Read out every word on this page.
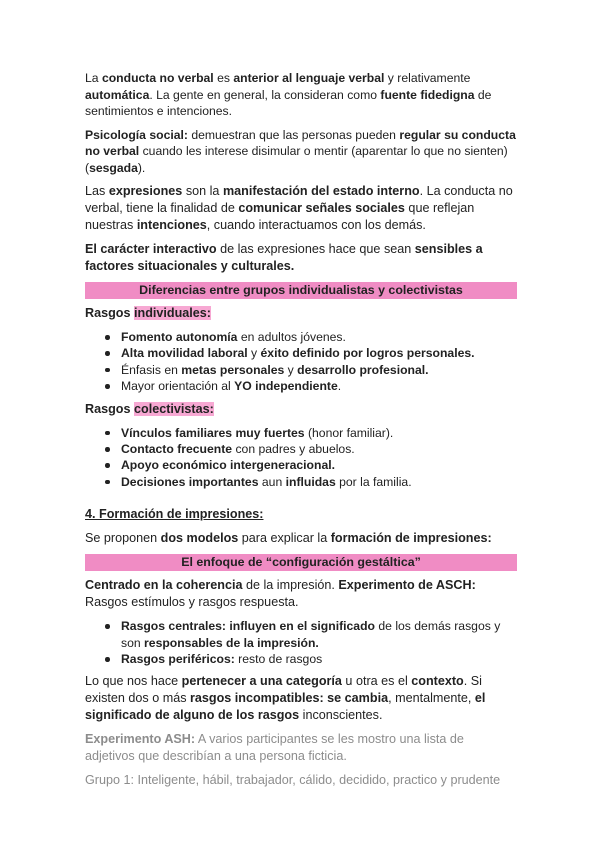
La conducta no verbal es anterior al lenguaje verbal y relativamente automática. La gente en general, la consideran como fuente fidedigna de sentimientos e intenciones.

Psicología social: demuestran que las personas pueden regular su conducta no verbal cuando les interese disimular o mentir (aparentar lo que no sienten) (sesgada).

Las expresiones son la manifestación del estado interno. La conducta no verbal, tiene la finalidad de comunicar señales sociales que reflejan nuestras intenciones, cuando interactuamos con los demás.

El carácter interactivo de las expresiones hace que sean sensibles a factores situacionales y culturales.

Diferencias entre grupos individualistas y colectivistas

Rasgos individuales:

Fomento autonomía en adultos jóvenes.
Alta movilidad laboral y éxito definido por logros personales.
Énfasis en metas personales y desarrollo profesional.
Mayor orientación al YO independiente.

Rasgos colectivistas:

Vínculos familiares muy fuertes (honor familiar).
Contacto frecuente con padres y abuelos.
Apoyo económico intergeneracional.
Decisiones importantes aun influidas por la familia.

4. Formación de impresiones:

Se proponen dos modelos para explicar la formación de impresiones:

El enfoque de “configuración gestáltica”

Centrado en la coherencia de la impresión. Experimento de ASCH: Rasgos estímulos y rasgos respuesta.

Rasgos centrales: influyen en el significado de los demás rasgos y son responsables de la impresión.
Rasgos periféricos: resto de rasgos

Lo que nos hace pertenecer a una categoría u otra es el contexto. Si existen dos o más rasgos incompatibles: se cambia, mentalmente, el significado de alguno de los rasgos inconscientes.

Experimento ASH: A varios participantes se les mostro una lista de adjetivos que describían a una persona ficticia.

Grupo 1: Inteligente, hábil, trabajador, cálido, decidido, practico y prudente
